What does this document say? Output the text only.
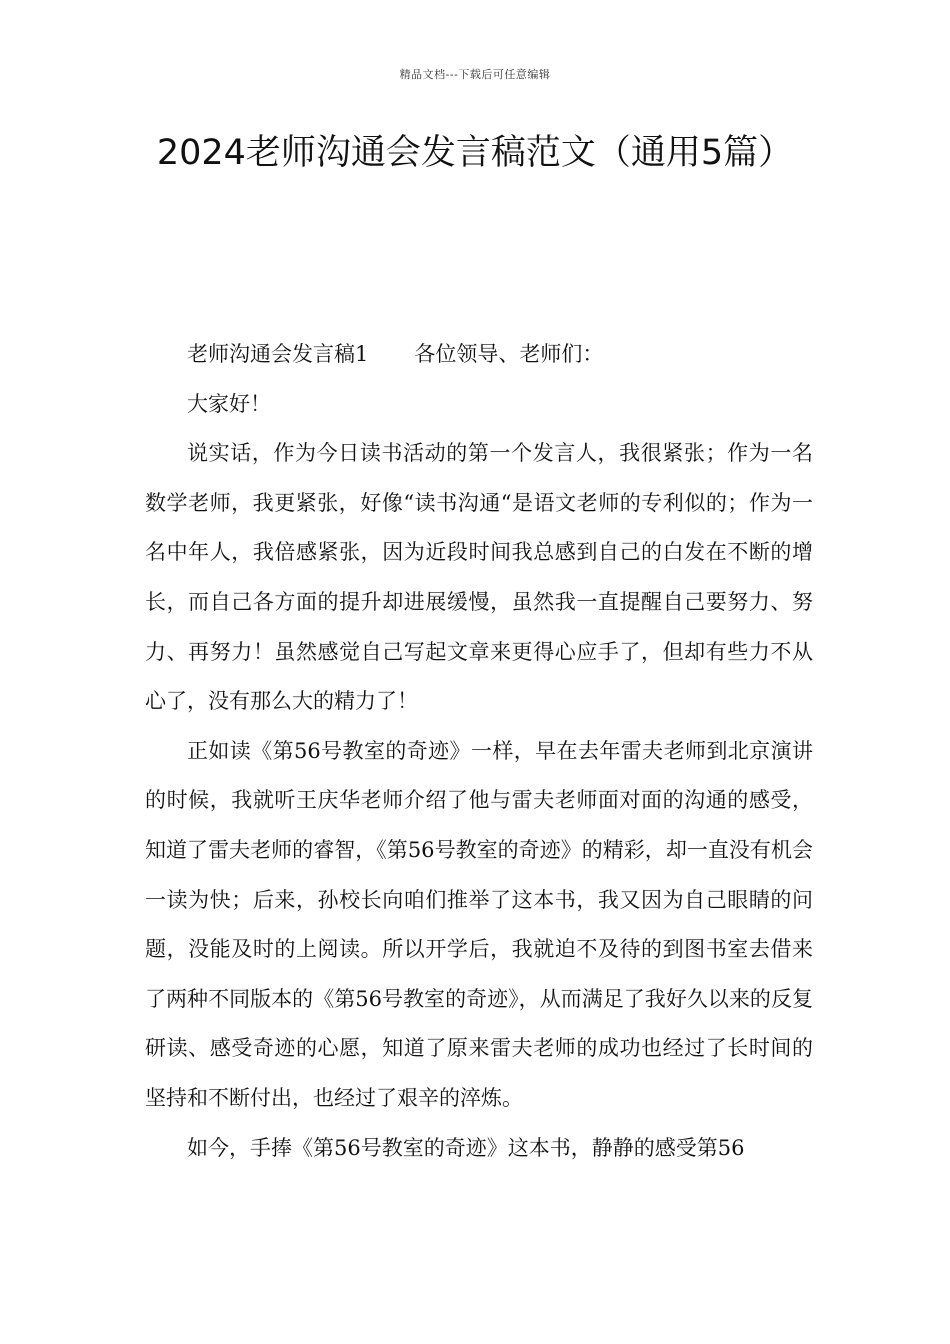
精品文档---下载后可任意编辑
2024老师沟通会发言稿范文（通用5篇）

老师沟通会发言稿1 各位领导、老师们：

大家好！

说实话，作为今日读书活动的第一个发言人，我很紧张；作为一名数学老师，我更紧张，好像“读书沟通“是语文老师的专利似的；作为一名中年人，我倍感紧张，因为近段时间我总感到自己的白发在不断的增长，而自己各方面的提升却进展缓慢，虽然我一直提醒自己要努力、努力、再努力！虽然感觉自己写起文章来更得心应手了，但却有些力不从心了，没有那么大的精力了！

正如读《第56号教室的奇迹》一样，早在去年雷夫老师到北京演讲的时候，我就听王庆华老师介绍了他与雷夫老师面对面的沟通的感受，知道了雷夫老师的睿智，《第56号教室的奇迹》的精彩，却一直没有机会一读为快；后来，孙校长向咱们推举了这本书，我又因为自己眼睛的问题，没能及时的上阅读。所以开学后，我就迫不及待的到图书室去借来了两种不同版本的《第56号教室的奇迹》，从而满足了我好久以来的反复研读、感受奇迹的心愿，知道了原来雷夫老师的成功也经过了长时间的坚持和不断付出，也经过了艰辛的淬炼。

如今，手捧《第56号教室的奇迹》这本书，静静的感受第56
